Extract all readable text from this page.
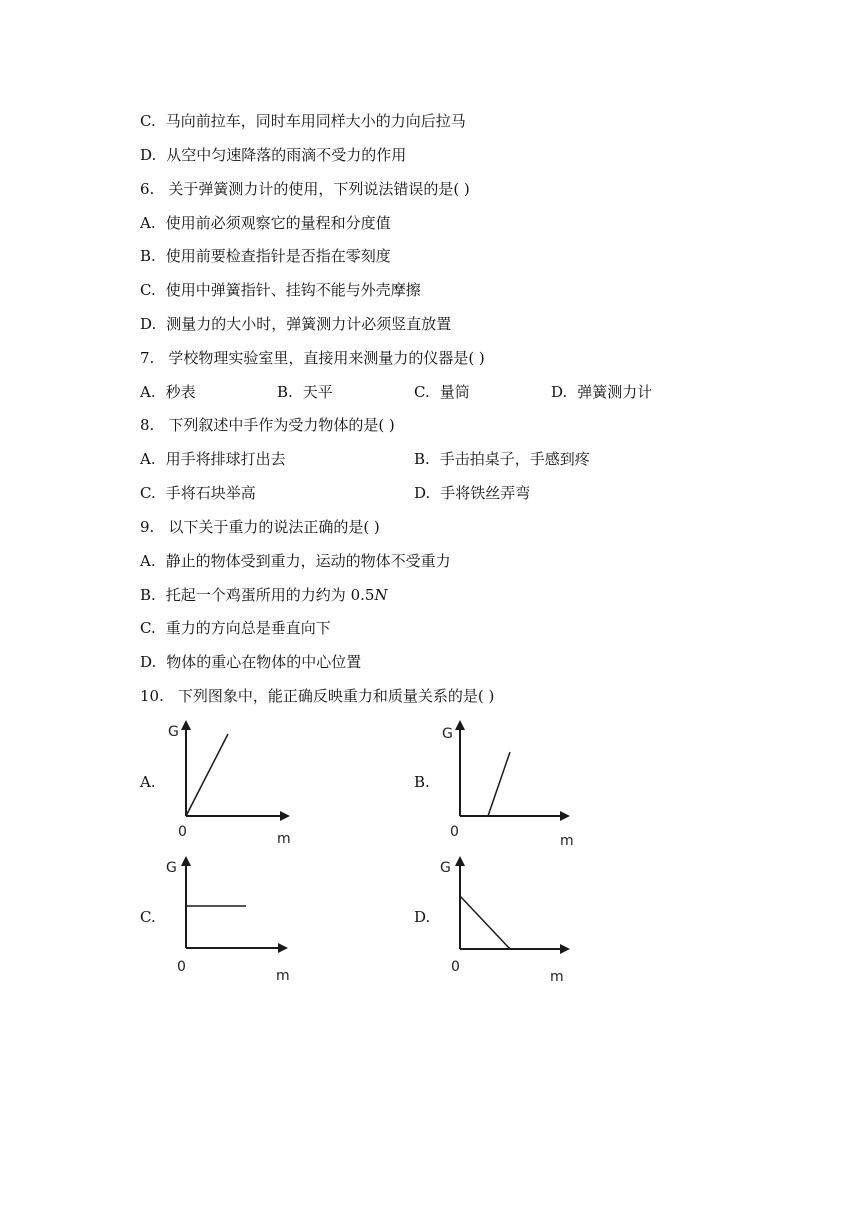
C. 马向前拉车，同时车用同样大小的力向后拉马
D. 从空中匀速降落的雨滴不受力的作用
6. 关于弹簧测力计的使用，下列说法错误的是( )
A. 使用前必须观察它的量程和分度值
B. 使用前要检查指针是否指在零刻度
C. 使用中弹簧指针、挂钩不能与外壳摩擦
D. 测量力的大小时，弹簧测力计必须竖直放置
7. 学校物理实验室里，直接用来测量力的仪器是( )
A. 秒表	B. 天平	C. 量筒	D. 弹簧测力计
8. 下列叙述中手作为受力物体的是( )
A. 用手将排球打出去	B. 手击拍桌子，手感到疼
C. 手将石块举高	D. 手将铁丝弄弯
9. 以下关于重力的说法正确的是( )
A. 静止的物体受到重力，运动的物体不受重力
B. 托起一个鸡蛋所用的力约为 0.5N
C. 重力的方向总是垂直向下
D. 物体的重心在物体的中心位置
10. 下列图象中，能正确反映重力和质量关系的是( )
A.
G
0	m
B.
G
0
m
C.
G
0
m
D.
G
0
m
